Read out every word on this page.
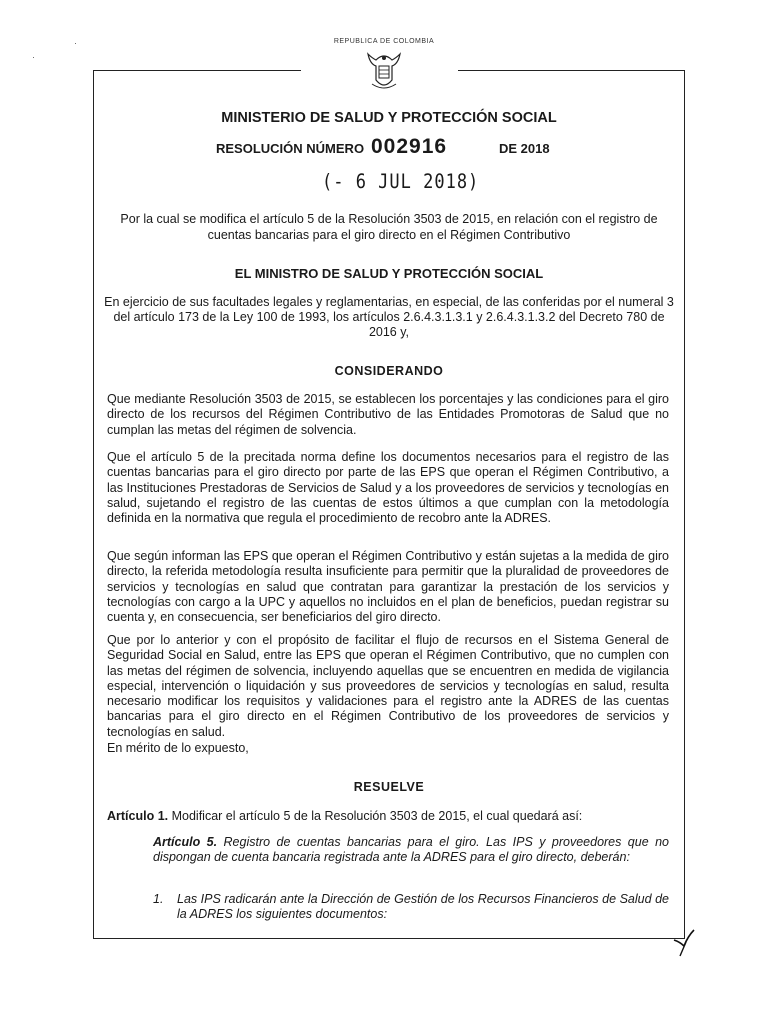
·
·
REPUBLICA DE COLOMBIA
MINISTERIO DE SALUD Y PROTECCIÓN SOCIAL
RESOLUCIÓN NÚMERO 002916	DE 2018
(- 6 JUL 2018)
Por la cual se modifica el artículo 5 de la Resolución 3503 de 2015, en relación con el registro de cuentas bancarias para el giro directo en el Régimen Contributivo
EL MINISTRO DE SALUD Y PROTECCIÓN SOCIAL
En ejercicio de sus facultades legales y reglamentarias, en especial, de las conferidas por el numeral 3 del artículo 173 de la Ley 100 de 1993, los artículos 2.6.4.3.1.3.1 y 2.6.4.3.1.3.2 del Decreto 780 de 2016 y,
CONSIDERANDO
Que mediante Resolución 3503 de 2015, se establecen los porcentajes y las condiciones para el giro directo de los recursos del Régimen Contributivo de las Entidades Promotoras de Salud que no cumplan las metas del régimen de solvencia.
Que el artículo 5 de la precitada norma define los documentos necesarios para el registro de las cuentas bancarias para el giro directo por parte de las EPS que operan el Régimen Contributivo, a las Instituciones Prestadoras de Servicios de Salud y a los proveedores de servicios y tecnologías en salud, sujetando el registro de las cuentas de estos últimos a que cumplan con la metodología definida en la normativa que regula el procedimiento de recobro ante la ADRES.
Que según informan las EPS que operan el Régimen Contributivo y están sujetas a la medida de giro directo, la referida metodología resulta insuficiente para permitir que la pluralidad de proveedores de servicios y tecnologías en salud que contratan para garantizar la prestación de los servicios y tecnologías con cargo a la UPC y aquellos no incluidos en el plan de beneficios, puedan registrar su cuenta y, en consecuencia, ser beneficiarios del giro directo.
Que por lo anterior y con el propósito de facilitar el flujo de recursos en el Sistema General de Seguridad Social en Salud, entre las EPS que operan el Régimen Contributivo, que no cumplen con las metas del régimen de solvencia, incluyendo aquellas que se encuentren en medida de vigilancia especial, intervención o liquidación y sus proveedores de servicios y tecnologías en salud, resulta necesario modificar los requisitos y validaciones para el registro ante la ADRES de las cuentas bancarias para el giro directo en el Régimen Contributivo de los proveedores de servicios y tecnologías en salud.
En mérito de lo expuesto,
RESUELVE
Artículo 1. Modificar el artículo 5 de la Resolución 3503 de 2015, el cual quedará así:
Artículo 5. Registro de cuentas bancarias para el giro. Las IPS y proveedores que no dispongan de cuenta bancaria registrada ante la ADRES para el giro directo, deberán:
1. Las IPS radicarán ante la Dirección de Gestión de los Recursos Financieros de Salud de la ADRES los siguientes documentos:
